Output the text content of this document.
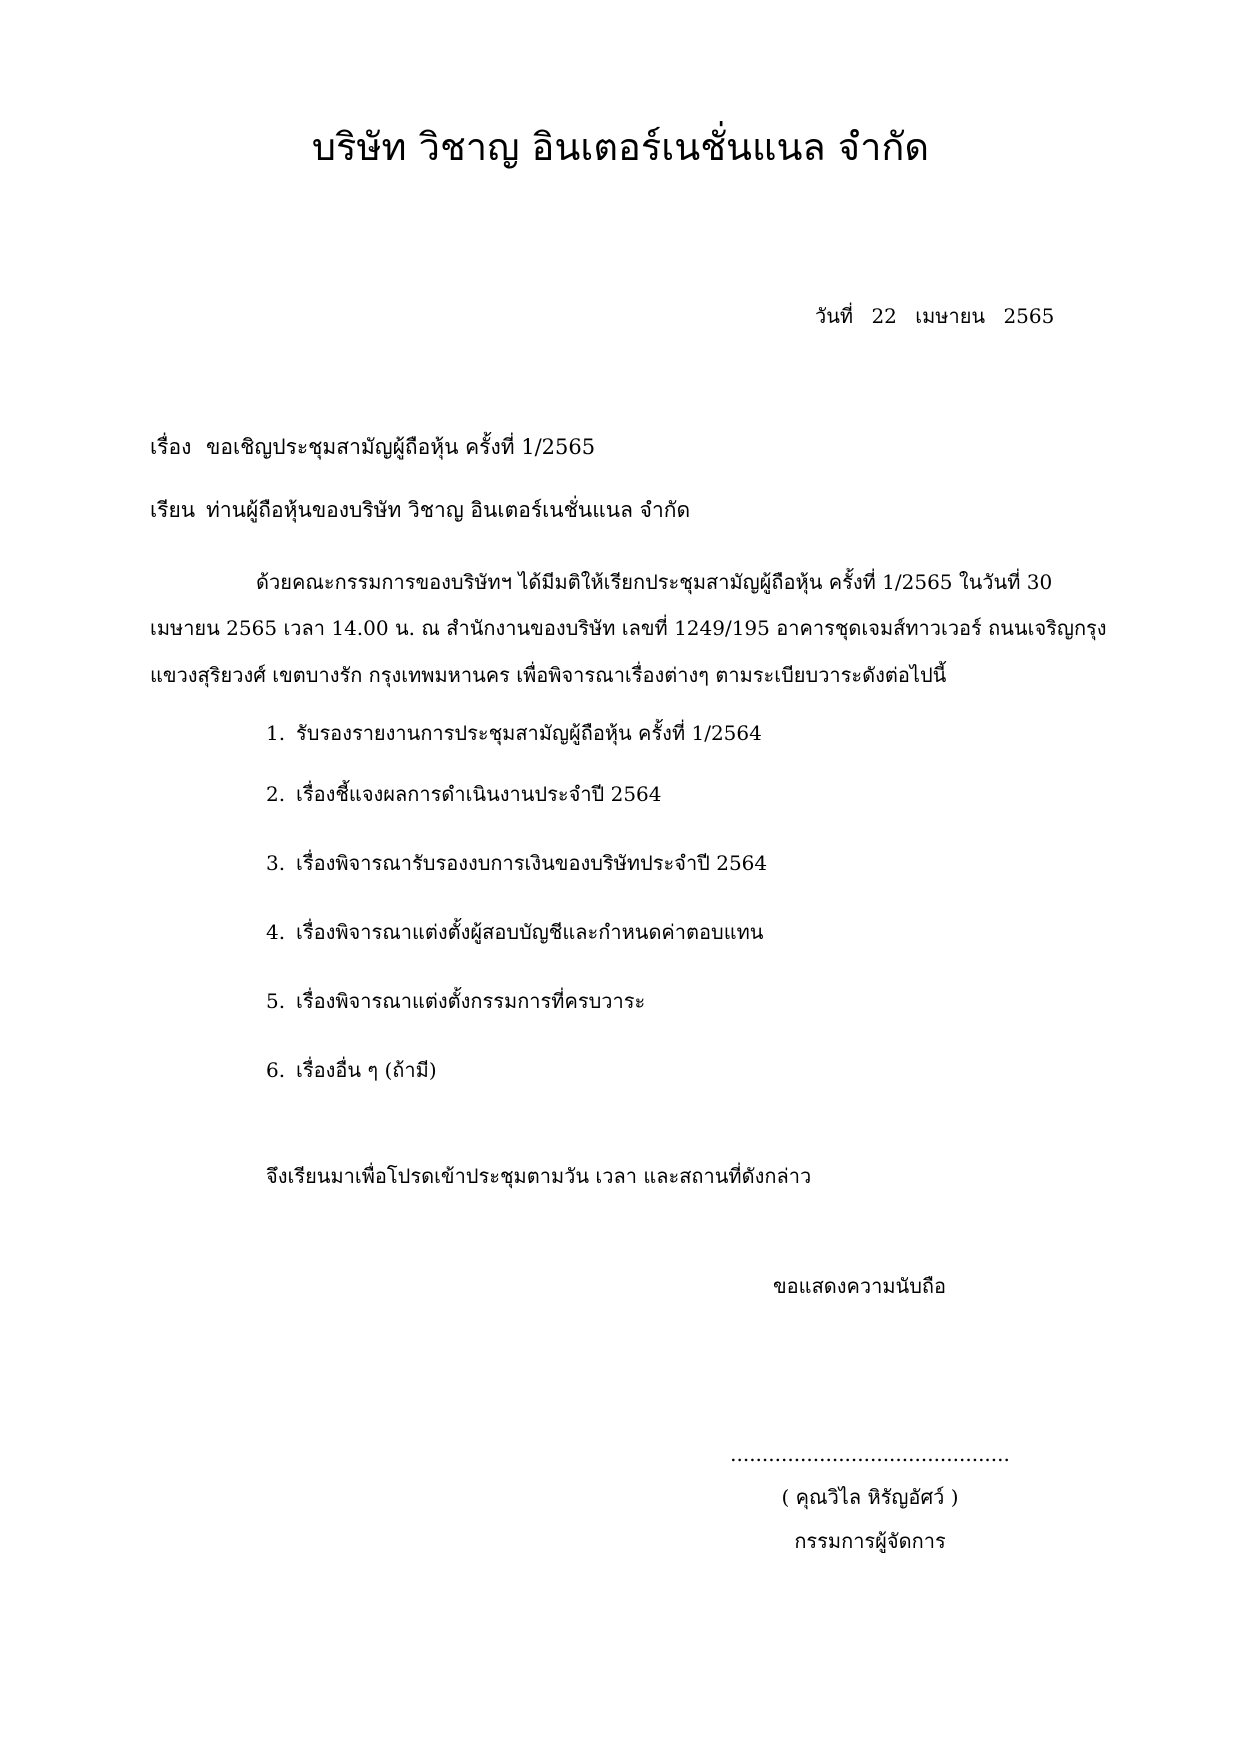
บริษัท วิชาญ อินเตอร์เนชั่นแนล จำกัด
วันที่ 22 เมษายน 2565
เรื่อง ขอเชิญประชุมสามัญผู้ถือหุ้น ครั้งที่ 1/2565
เรียน ท่านผู้ถือหุ้นของบริษัท วิชาญ อินเตอร์เนชั่นแนล จำกัด
ด้วยคณะกรรมการของบริษัทฯ ได้มีมติให้เรียกประชุมสามัญผู้ถือหุ้น ครั้งที่ 1/2565 ในวันที่ 30
เมษายน 2565 เวลา 14.00 น. ณ สำนักงานของบริษัท เลขที่ 1249/195 อาคารชุดเจมส์ทาวเวอร์ ถนนเจริญกรุง
แขวงสุริยวงศ์ เขตบางรัก กรุงเทพมหานคร เพื่อพิจารณาเรื่องต่างๆ ตามระเบียบวาระดังต่อไปนี้
1. รับรองรายงานการประชุมสามัญผู้ถือหุ้น ครั้งที่ 1/2564
2. เรื่องชี้แจงผลการดำเนินงานประจำปี 2564
3. เรื่องพิจารณารับรองงบการเงินของบริษัทประจำปี 2564
4. เรื่องพิจารณาแต่งตั้งผู้สอบบัญชีและกำหนดค่าตอบแทน
5. เรื่องพิจารณาแต่งตั้งกรรมการที่ครบวาระ
6. เรื่องอื่น ๆ (ถ้ามี)
จึงเรียนมาเพื่อโปรดเข้าประชุมตามวัน เวลา และสถานที่ดังกล่าว
ขอแสดงความนับถือ
............................................
( คุณวิไล หิรัญอัศว์ )
กรรมการผู้จัดการ
